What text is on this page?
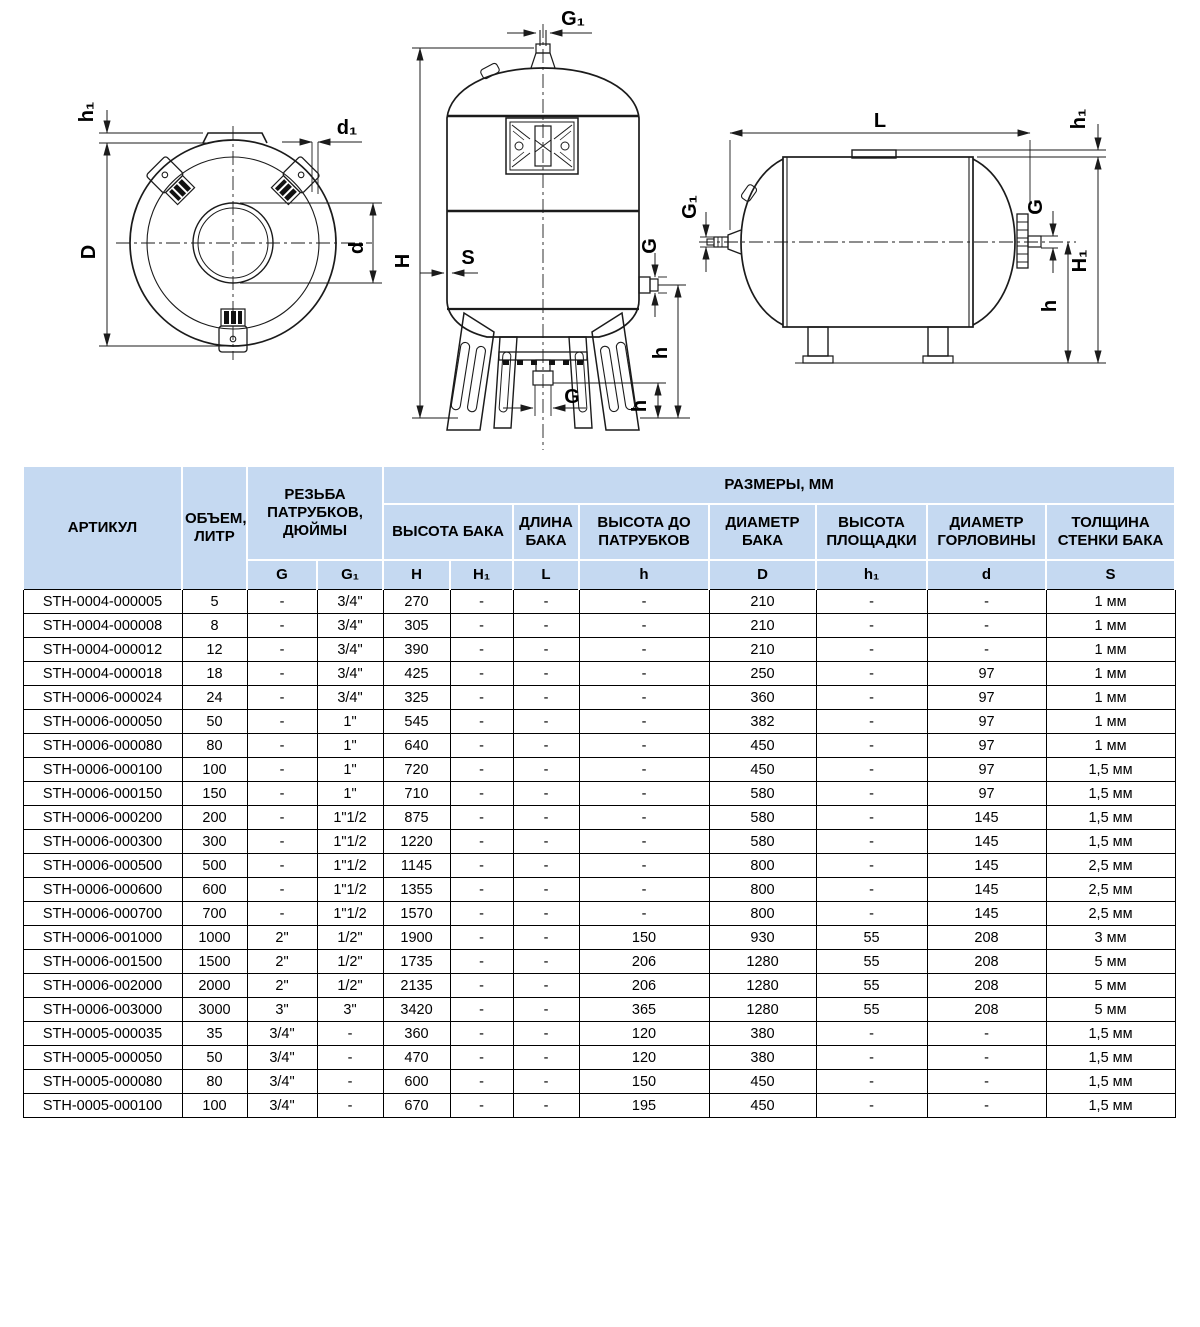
h₁
D
d₁
d
G₁
H S
G
h
G h
L	h₁
H₁
h
G
G₁
АРТИКУЛ	ОБЪЕМ, ЛИТР	РЕЗЬБА ПАТРУБКОВ, ДЮЙМЫ		РАЗМЕРЫ, ММ							
				ВЫСОТА БАКА		ДЛИНА БАКА	ВЫСОТА ДО ПАТРУБКОВ	ДИАМЕТР БАКА	ВЫСОТА ПЛОЩАДКИ	ДИАМЕТР ГОРЛОВИНЫ	ТОЛЩИНА СТЕНКИ БАКА
		G	G₁	H	H₁	L	h	D	h₁	d	S
STH-0004-000005	5	-	3/4"	270	-	-	-	210	-	-	1 мм
STH-0004-000008	8	-	3/4"	305	-	-	-	210	-	-	1 мм
STH-0004-000012	12	-	3/4"	390	-	-	-	210	-	-	1 мм
STH-0004-000018	18	-	3/4"	425	-	-	-	250	-	97	1 мм
STH-0006-000024	24	-	3/4"	325	-	-	-	360	-	97	1 мм
STH-0006-000050	50	-	1"	545	-	-	-	382	-	97	1 мм
STH-0006-000080	80	-	1"	640	-	-	-	450	-	97	1 мм
STH-0006-000100	100	-	1"	720	-	-	-	450	-	97	1,5 мм
STH-0006-000150	150	-	1"	710	-	-	-	580	-	97	1,5 мм
STH-0006-000200	200	-	1"1/2	875	-	-	-	580	-	145	1,5 мм
STH-0006-000300	300	-	1"1/2	1220	-	-	-	580	-	145	1,5 мм
STH-0006-000500	500	-	1"1/2	1145	-	-	-	800	-	145	2,5 мм
STH-0006-000600	600	-	1"1/2	1355	-	-	-	800	-	145	2,5 мм
STH-0006-000700	700	-	1"1/2	1570	-	-	-	800	-	145	2,5 мм
STH-0006-001000	1000	2"	1/2"	1900	-	-	150	930	55	208	3 мм
STH-0006-001500	1500	2"	1/2"	1735	-	-	206	1280	55	208	5 мм
STH-0006-002000	2000	2"	1/2"	2135	-	-	206	1280	55	208	5 мм
STH-0006-003000	3000	3"	3"	3420	-	-	365	1280	55	208	5 мм
STH-0005-000035	35	3/4"	-	360	-	-	120	380	-	-	1,5 мм
STH-0005-000050	50	3/4"	-	470	-	-	120	380	-	-	1,5 мм
STH-0005-000080	80	3/4"	-	600	-	-	150	450	-	-	1,5 мм
STH-0005-000100	100	3/4"	-	670	-	-	195	450	-	-	1,5 мм
